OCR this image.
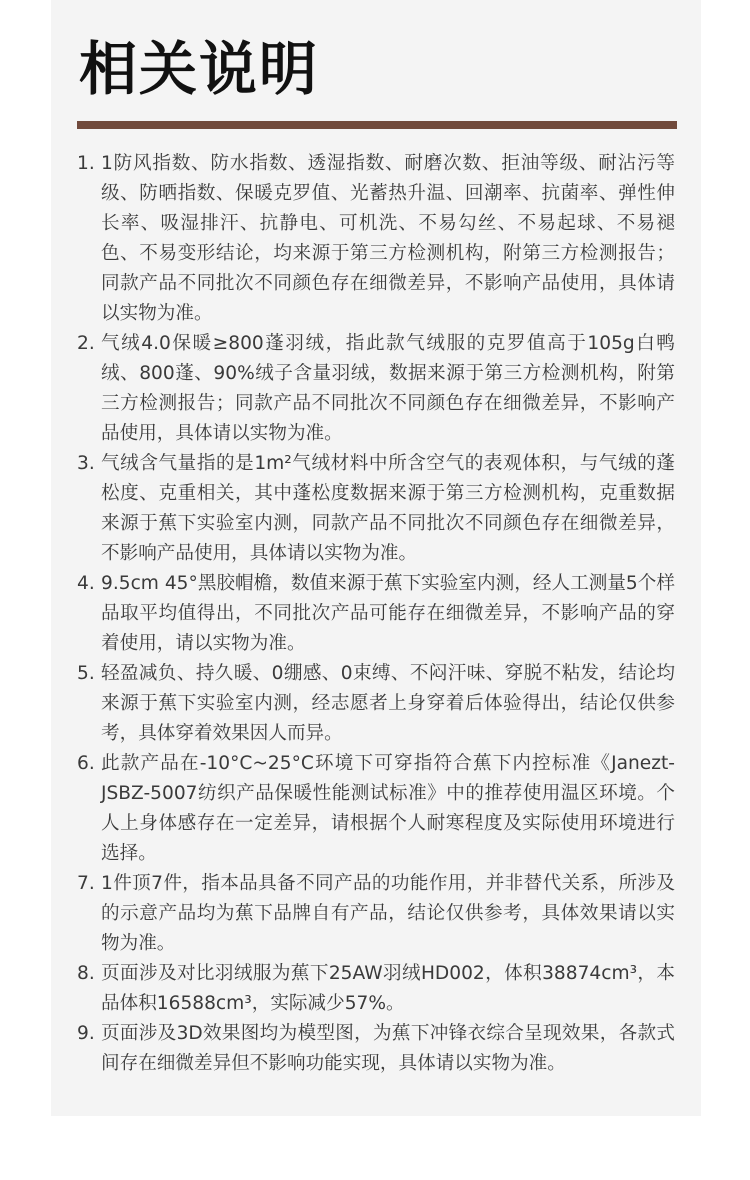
相关说明
1. 1防风指数、防水指数、透湿指数、耐磨次数、拒油等级、耐沾污等级、防晒指数、保暖克罗值、光蓄热升温、回潮率、抗菌率、弹性伸长率、吸湿排汗、抗静电、可机洗、不易勾丝、不易起球、不易褪色、不易变形结论，均来源于第三方检测机构，附第三方检测报告；同款产品不同批次不同颜色存在细微差异，不影响产品使用，具体请以实物为准。
2. 气绒4.0保暖≥800蓬羽绒，指此款气绒服的克罗值高于105g白鸭绒、800蓬、90%绒子含量羽绒，数据来源于第三方检测机构，附第三方检测报告；同款产品不同批次不同颜色存在细微差异，不影响产品使用，具体请以实物为准。
3. 气绒含气量指的是1m²气绒材料中所含空气的表观体积，与气绒的蓬松度、克重相关，其中蓬松度数据来源于第三方检测机构，克重数据来源于蕉下实验室内测，同款产品不同批次不同颜色存在细微差异，不影响产品使用，具体请以实物为准。
4. 9.5cm 45°黑胶帽檐，数值来源于蕉下实验室内测，经人工测量5个样品取平均值得出，不同批次产品可能存在细微差异，不影响产品的穿着使用，请以实物为准。
5. 轻盈减负、持久暖、0绷感、0束缚、不闷汗味、穿脱不粘发，结论均来源于蕉下实验室内测，经志愿者上身穿着后体验得出，结论仅供参考，具体穿着效果因人而异。
6. 此款产品在-10°C~25°C环境下可穿指符合蕉下内控标准《Janezt-JSBZ-5007纺织产品保暖性能测试标准》中的推荐使用温区环境。个人上身体感存在一定差异，请根据个人耐寒程度及实际使用环境进行选择。
7. 1件顶7件，指本品具备不同产品的功能作用，并非替代关系，所涉及的示意产品均为蕉下品牌自有产品，结论仅供参考，具体效果请以实物为准。
8. 页面涉及对比羽绒服为蕉下25AW羽绒HD002，体积38874cm³，本品体积16588cm³，实际减少57%。
9. 页面涉及3D效果图均为模型图，为蕉下冲锋衣综合呈现效果，各款式间存在细微差异但不影响功能实现，具体请以实物为准。
